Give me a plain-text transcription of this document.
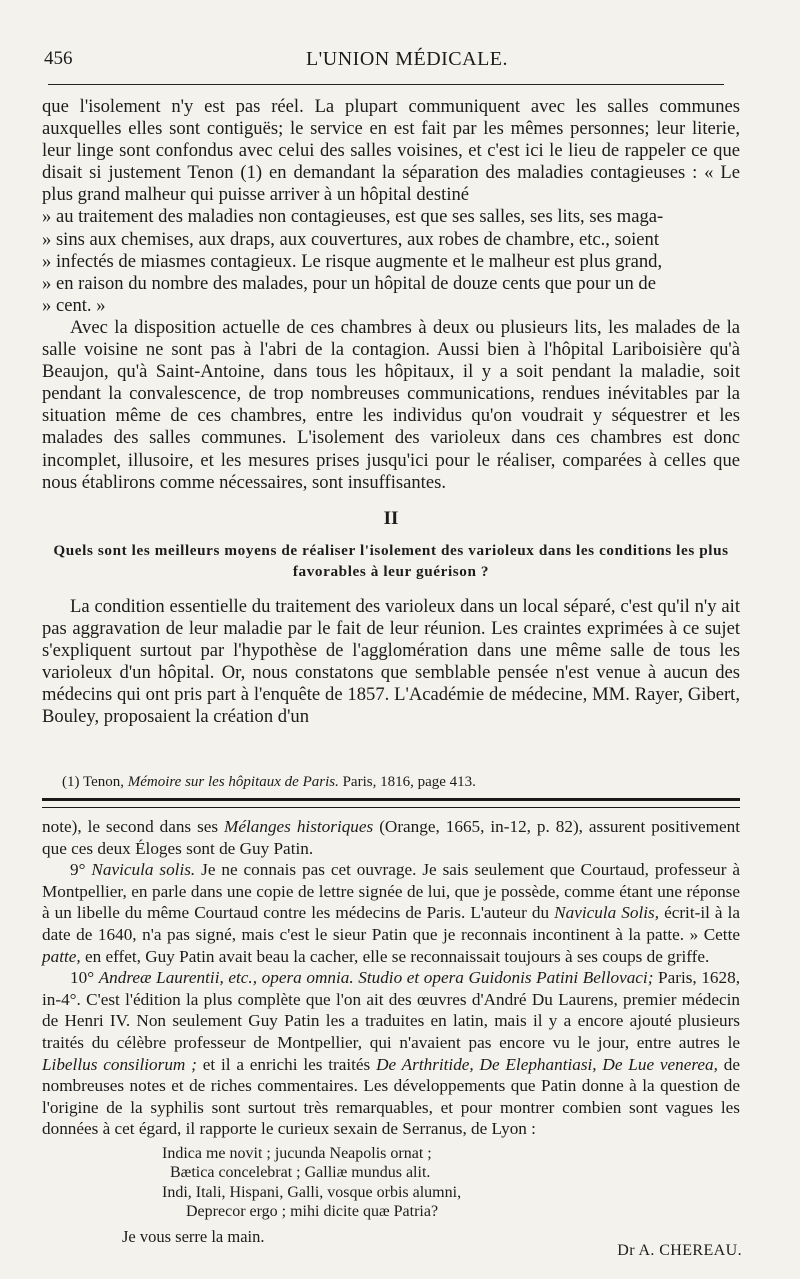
456	L'UNION MÉDICALE.

que l'isolement n'y est pas réel. La plupart communiquent avec les salles communes auxquelles elles sont contiguës; le service en est fait par les mêmes personnes; leur literie, leur linge sont confondus avec celui des salles voisines, et c'est ici le lieu de rappeler ce que disait si justement Tenon (1) en demandant la séparation des maladies contagieuses : « Le plus grand malheur qui puisse arriver à un hôpital destiné

» au traitement des maladies non contagieuses, est que ses salles, ses lits, ses maga-

» sins aux chemises, aux draps, aux couvertures, aux robes de chambre, etc., soient

» infectés de miasmes contagieux. Le risque augmente et le malheur est plus grand,

» en raison du nombre des malades, pour un hôpital de douze cents que pour un de

» cent. »

Avec la disposition actuelle de ces chambres à deux ou plusieurs lits, les malades de la salle voisine ne sont pas à l'abri de la contagion. Aussi bien à l'hôpital Lariboisière qu'à Beaujon, qu'à Saint-Antoine, dans tous les hôpitaux, il y a soit pendant la maladie, soit pendant la convalescence, de trop nombreuses communications, rendues inévitables par la situation même de ces chambres, entre les individus qu'on voudrait y séquestrer et les malades des salles communes. L'isolement des varioleux dans ces chambres est donc incomplet, illusoire, et les mesures prises jusqu'ici pour le réaliser, comparées à celles que nous établirons comme nécessaires, sont insuffisantes.

II
Quels sont les meilleurs moyens de réaliser l'isolement des varioleux dans les conditions les plus favorables à leur guérison ?

La condition essentielle du traitement des varioleux dans un local séparé, c'est qu'il n'y ait pas aggravation de leur maladie par le fait de leur réunion. Les craintes exprimées à ce sujet s'expliquent surtout par l'hypothèse de l'agglomération dans une même salle de tous les varioleux d'un hôpital. Or, nous constatons que semblable pensée n'est venue à aucun des médecins qui ont pris part à l'enquête de 1857. L'Académie de médecine, MM. Rayer, Gibert, Bouley, proposaient la création d'un

(1) Tenon, Mémoire sur les hôpitaux de Paris. Paris, 1816, page 413.

note), le second dans ses Mélanges historiques (Orange, 1665, in-12, p. 82), assurent positivement que ces deux Éloges sont de Guy Patin.

9° Navicula solis. Je ne connais pas cet ouvrage. Je sais seulement que Courtaud, professeur à Montpellier, en parle dans une copie de lettre signée de lui, que je possède, comme étant une réponse à un libelle du même Courtaud contre les médecins de Paris. L'auteur du Navicula Solis, écrit-il à la date de 1640, n'a pas signé, mais c'est le sieur Patin que je reconnais incontinent à la patte. » Cette patte, en effet, Guy Patin avait beau la cacher, elle se reconnaissait toujours à ses coups de griffe.

10° Andreæ Laurentii, etc., opera omnia. Studio et opera Guidonis Patini Bellovaci; Paris, 1628, in-4°. C'est l'édition la plus complète que l'on ait des œuvres d'André Du Laurens, premier médecin de Henri IV. Non seulement Guy Patin les a traduites en latin, mais il y a encore ajouté plusieurs traités du célèbre professeur de Montpellier, qui n'avaient pas encore vu le jour, entre autres le Libellus consiliorum ; et il a enrichi les traités De Arthritide, De Elephantiasi, De Lue venerea, de nombreuses notes et de riches commentaires. Les développements que Patin donne à la question de l'origine de la syphilis sont surtout très remarquables, et pour montrer combien sont vagues les données à cet égard, il rapporte le curieux sexain de Serranus, de Lyon :

Indica me novit ; jucunda Neapolis ornat ;
Bætica concelebrat ; Galliæ mundus alit.
Indi, Itali, Hispani, Galli, vosque orbis alumni,
Deprecor ergo ; mihi dicite quæ Patria?
Je vous serre la main.
Dr A. CHEREAU.
